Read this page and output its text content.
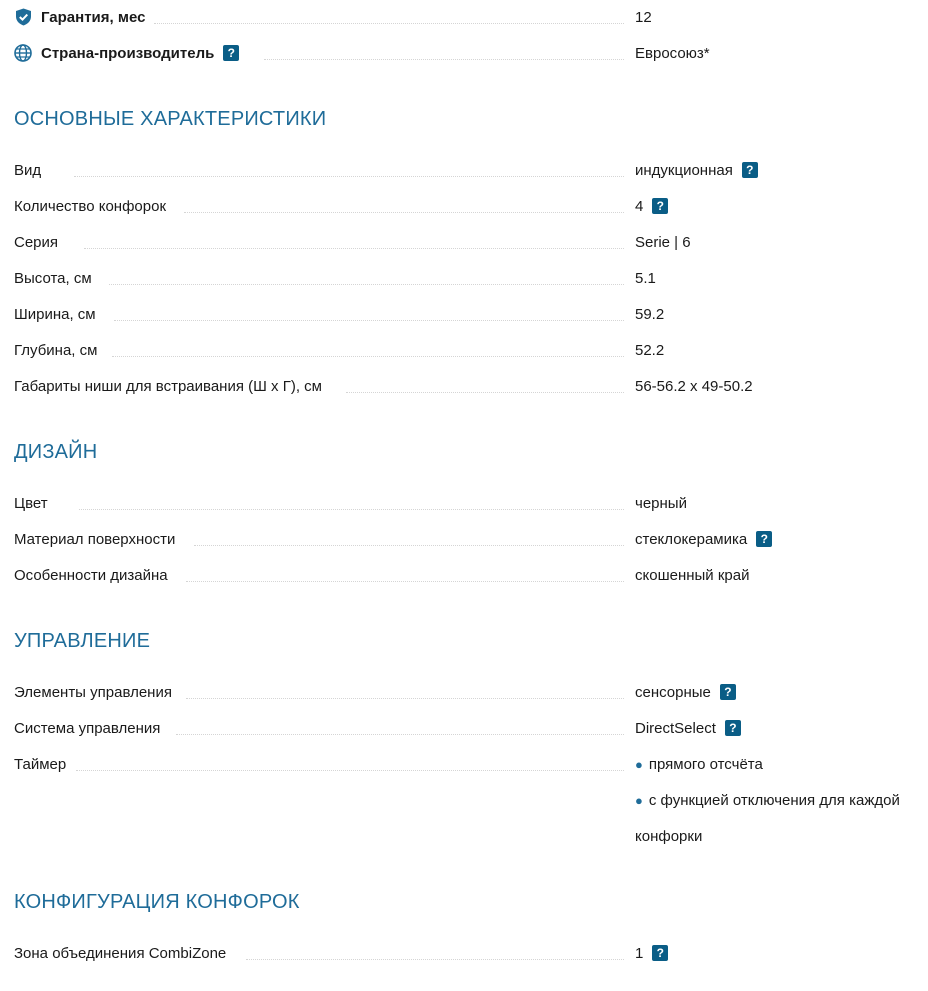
Гарантия, мес	12
Страна-производитель	?	Евросоюз*
ОСНОВНЫЕ ХАРАКТЕРИСТИКИ
Вид	индукционная	?
Количество конфорок	4	?
Серия	Serie | 6
Высота, см	5.1
Ширина, см	59.2
Глубина, см	52.2
Габариты ниши для встраивания (Ш х Г), см	56-56.2 x 49-50.2
ДИЗАЙН
Цвет	черный
Материал поверхности	стеклокерамика	?
Особенности дизайна	скошенный край
УПРАВЛЕНИЕ
Элементы управления	сенсорные	?
Система управления	DirectSelect	?
Таймер	● прямого отсчёта
● с функцией отключения для каждой
конфорки
КОНФИГУРАЦИЯ КОНФОРОК
Зона объединения CombiZone	1	?
